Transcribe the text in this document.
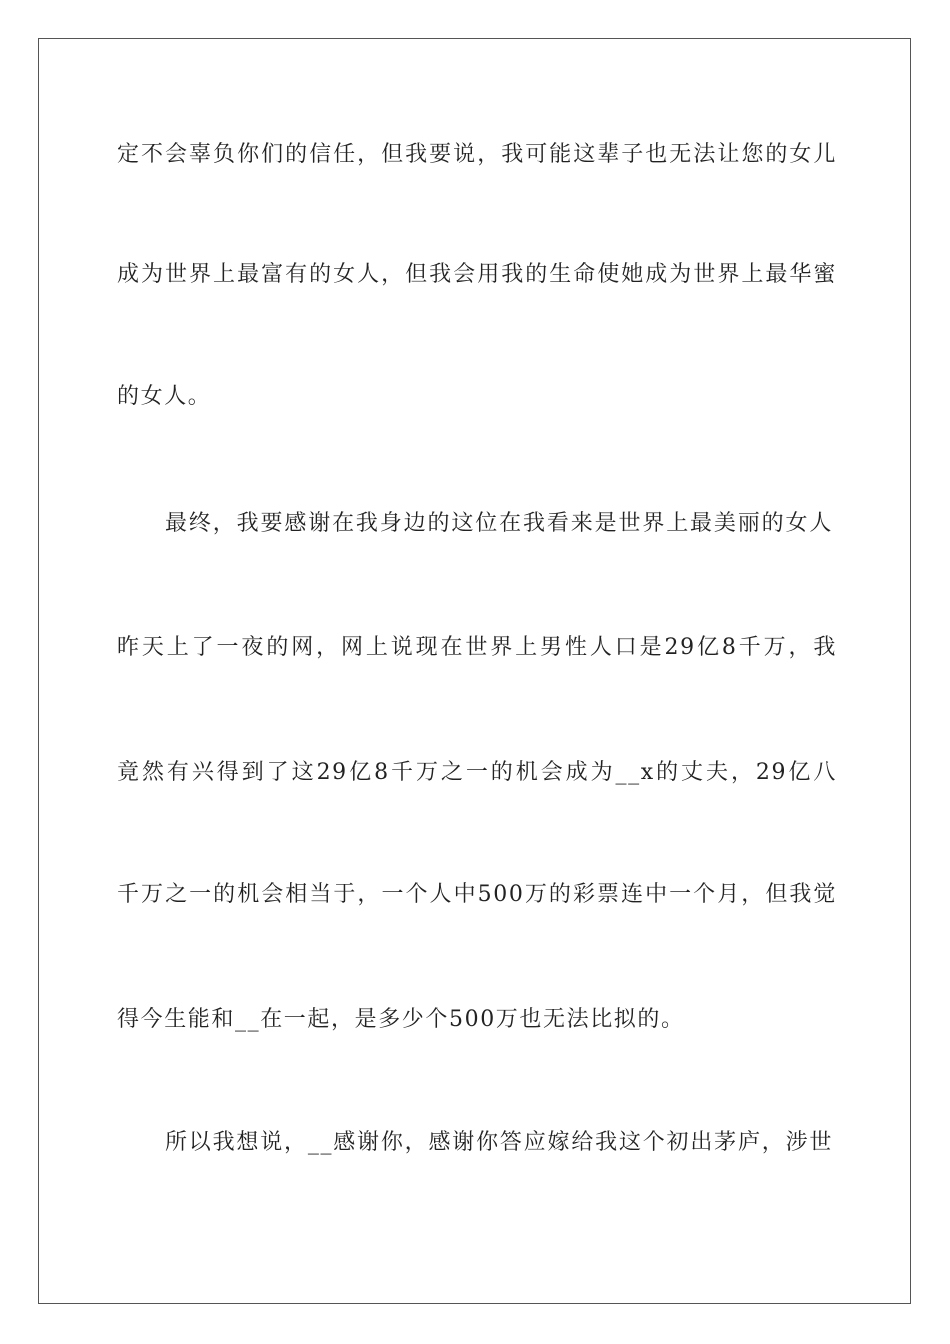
定不会辜负你们的信任，但我要说，我可能这辈子也无法让您的女儿
成为世界上最富有的女人，但我会用我的生命使她成为世界上最华蜜
的女人。
最终，我要感谢在我身边的这位在我看来是世界上最美丽的女人
昨天上了一夜的网，网上说现在世界上男性人口是29亿8千万，我
竟然有兴得到了这29亿8千万之一的机会成为__x的丈夫，29亿八
千万之一的机会相当于，一个人中500万的彩票连中一个月，但我觉
得今生能和__在一起，是多少个500万也无法比拟的。
所以我想说，__感谢你，感谢你答应嫁给我这个初出茅庐，涉世
